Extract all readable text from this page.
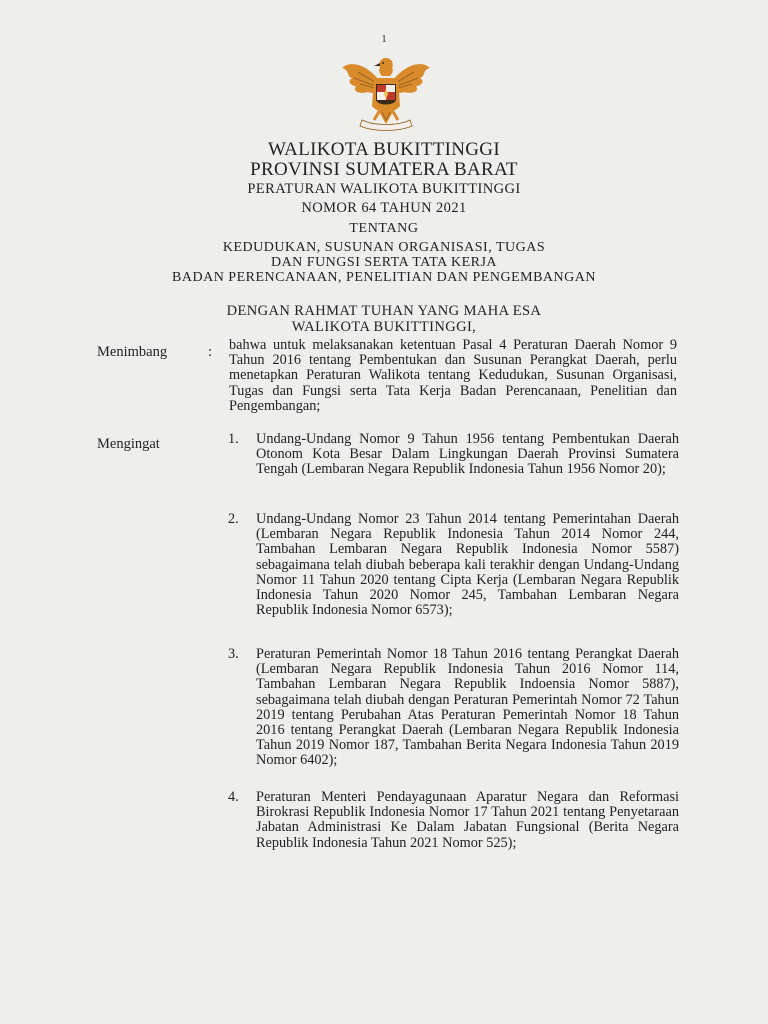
1
WALIKOTA BUKITTINGGI
PROVINSI SUMATERA BARAT
PERATURAN WALIKOTA BUKITTINGGI
NOMOR 64 TAHUN 2021
TENTANG
KEDUDUKAN, SUSUNAN ORGANISASI, TUGAS
DAN FUNGSI SERTA TATA KERJA
BADAN PERENCANAAN, PENELITIAN DAN PENGEMBANGAN
DENGAN RAHMAT TUHAN YANG MAHA ESA
WALIKOTA BUKITTINGGI,
Menimbang	: bahwa untuk melaksanakan ketentuan Pasal 4 Peraturan Daerah Nomor 9 Tahun 2016 tentang Pembentukan dan Susunan Perangkat Daerah, perlu menetapkan Peraturan Walikota tentang Kedudukan, Susunan Organisasi, Tugas dan Fungsi serta Tata Kerja Badan Perencanaan, Penelitian dan Pengembangan;
Mengingat	1. Undang-Undang Nomor 9 Tahun 1956 tentang Pembentukan Daerah Otonom Kota Besar Dalam Lingkungan Daerah Provinsi Sumatera Tengah (Lembaran Negara Republik Indonesia Tahun 1956 Nomor 20);
2. Undang-Undang Nomor 23 Tahun 2014 tentang Pemerintahan Daerah (Lembaran Negara Republik Indonesia Tahun 2014 Nomor 244, Tambahan Lembaran Negara Republik Indonesia Nomor 5587) sebagaimana telah diubah beberapa kali terakhir dengan Undang-Undang Nomor 11 Tahun 2020 tentang Cipta Kerja (Lembaran Negara Republik Indonesia Tahun 2020 Nomor 245, Tambahan Lembaran Negara Republik Indonesia Nomor 6573);
3. Peraturan Pemerintah Nomor 18 Tahun 2016 tentang Perangkat Daerah (Lembaran Negara Republik Indonesia Tahun 2016 Nomor 114, Tambahan Lembaran Negara Republik Indoensia Nomor 5887), sebagaimana telah diubah dengan Peraturan Pemerintah Nomor 72 Tahun 2019 tentang Perubahan Atas Peraturan Pemerintah Nomor 18 Tahun 2016 tentang Perangkat Daerah (Lembaran Negara Republik Indonesia Tahun 2019 Nomor 187, Tambahan Berita Negara Indonesia Tahun 2019 Nomor 6402);
4. Peraturan Menteri Pendayagunaan Aparatur Negara dan Reformasi Birokrasi Republik Indonesia Nomor 17 Tahun 2021 tentang Penyetaraan Jabatan Administrasi Ke Dalam Jabatan Fungsional (Berita Negara Republik Indonesia Tahun 2021 Nomor 525);
